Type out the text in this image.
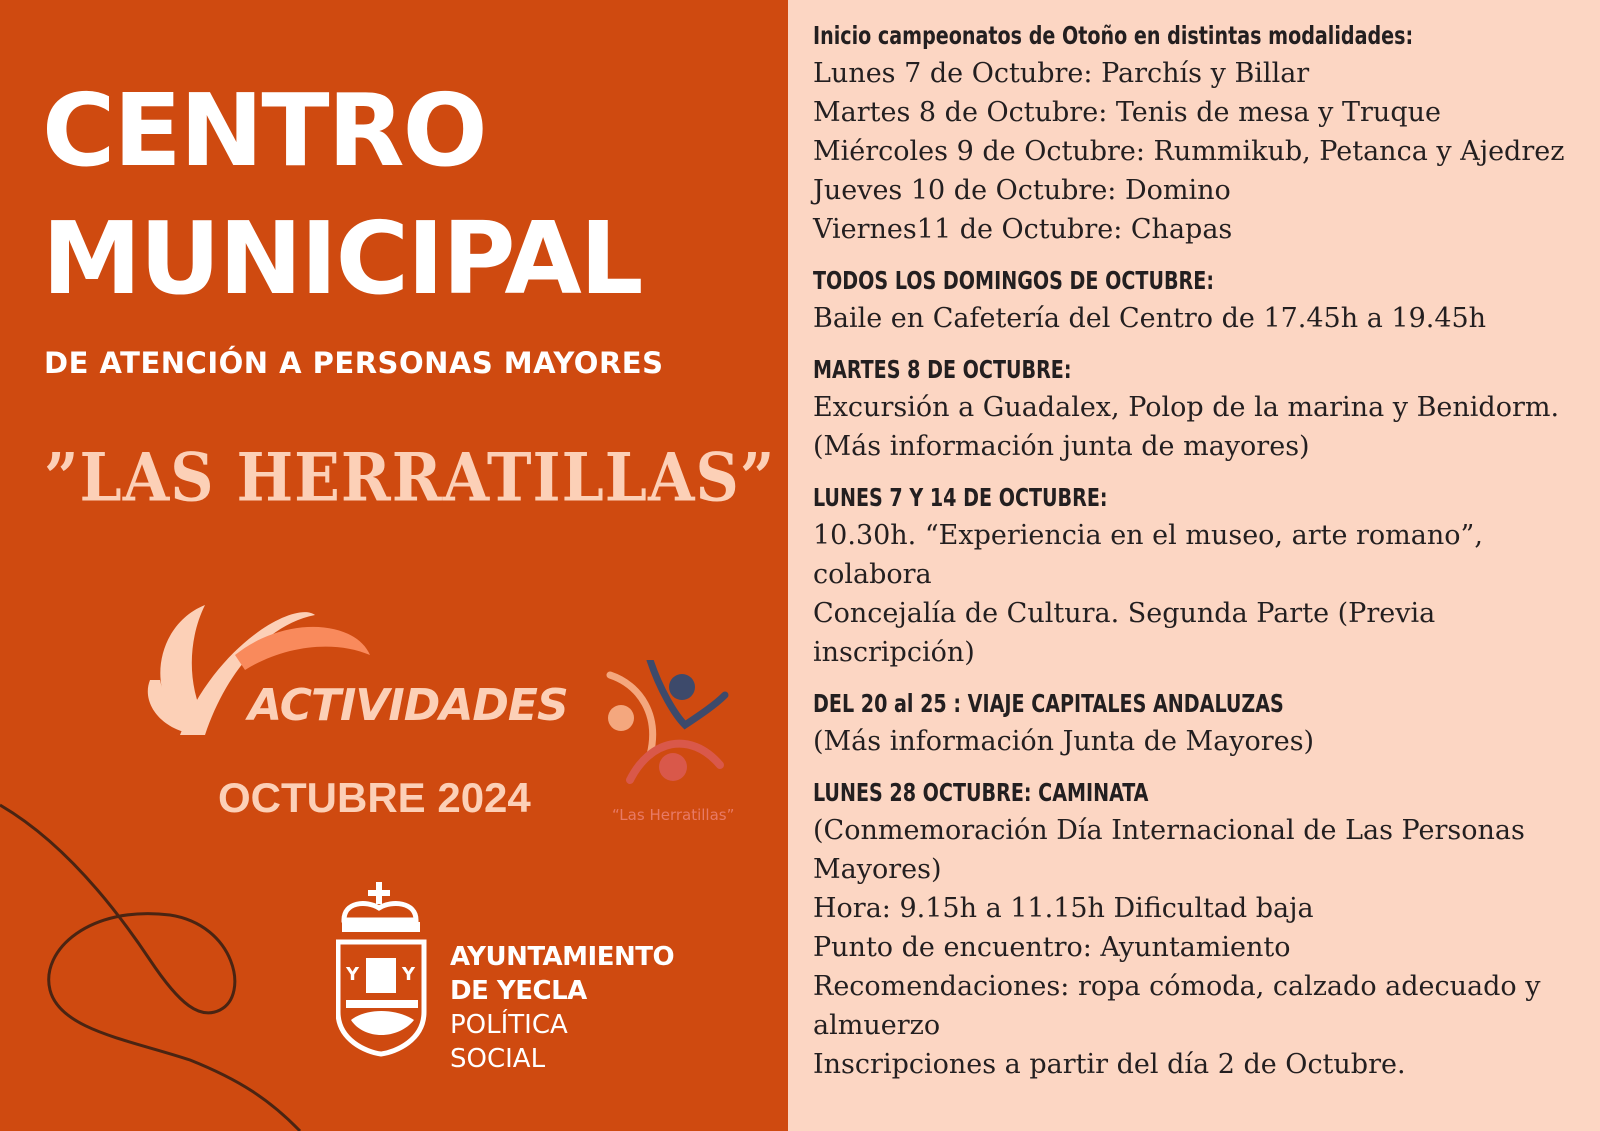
CENTRO
MUNICIPAL
DE ATENCIÓN A PERSONAS MAYORES
”LAS HERRATILLAS”
ACTIVIDADES
OCTUBRE 2024	“Las Herratillas”
Y Y
AYUNTAMIENTO
DE YECLA
POLÍTICA
SOCIAL
Inicio campeonatos de Otoño en distintas modalidades:
Lunes 7 de Octubre: Parchís y Billar
Martes 8 de Octubre: Tenis de mesa y Truque
Miércoles 9 de Octubre: Rummikub, Petanca y Ajedrez
Jueves 10 de Octubre: Domino
Viernes11 de Octubre: Chapas
TODOS LOS DOMINGOS DE OCTUBRE:
Baile en Cafetería del Centro de 17.45h a 19.45h
MARTES 8 DE OCTUBRE:
Excursión a Guadalex, Polop de la marina y Benidorm.
(Más información junta de mayores)
LUNES 7 Y 14 DE OCTUBRE:
10.30h. “Experiencia en el museo, arte romano”,
colabora
Concejalía de Cultura. Segunda Parte (Previa
inscripción)
DEL 20 al 25 : VIAJE CAPITALES ANDALUZAS
(Más información Junta de Mayores)
LUNES 28 OCTUBRE: CAMINATA
(Conmemoración Día Internacional de Las Personas
Mayores)
Hora: 9.15h a 11.15h Dificultad baja
Punto de encuentro: Ayuntamiento
Recomendaciones: ropa cómoda, calzado adecuado y
almuerzo
Inscripciones a partir del día 2 de Octubre.
